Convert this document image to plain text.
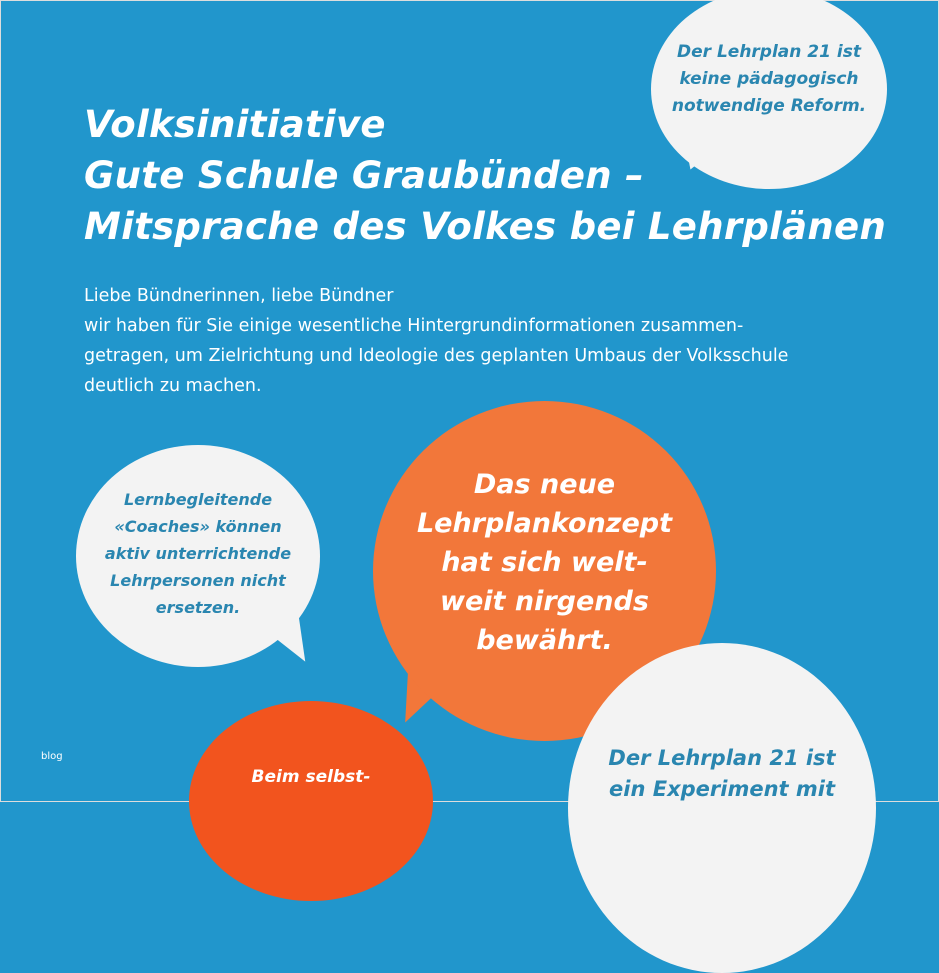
Der Lehrplan 21 ist
keine pädagogisch
notwendige Reform.
Volksinitiative
Gute Schule Graubünden –
Mitsprache des Volkes bei Lehrplänen
Liebe Bündnerinnen, liebe Bündner
wir haben für Sie einige wesentliche Hintergrundinformationen zusammen-
getragen, um Zielrichtung und Ideologie des geplanten Umbaus der Volksschule
deutlich zu machen.
Lernbegleitende
«Coaches» können
aktiv unterrichtende
Lehrpersonen nicht
ersetzen.
Das neue
Lehrplankonzept
hat sich welt-
weit nirgends
bewährt.
Beim selbst-
Der Lehrplan 21 ist
ein Experiment mit
blog
